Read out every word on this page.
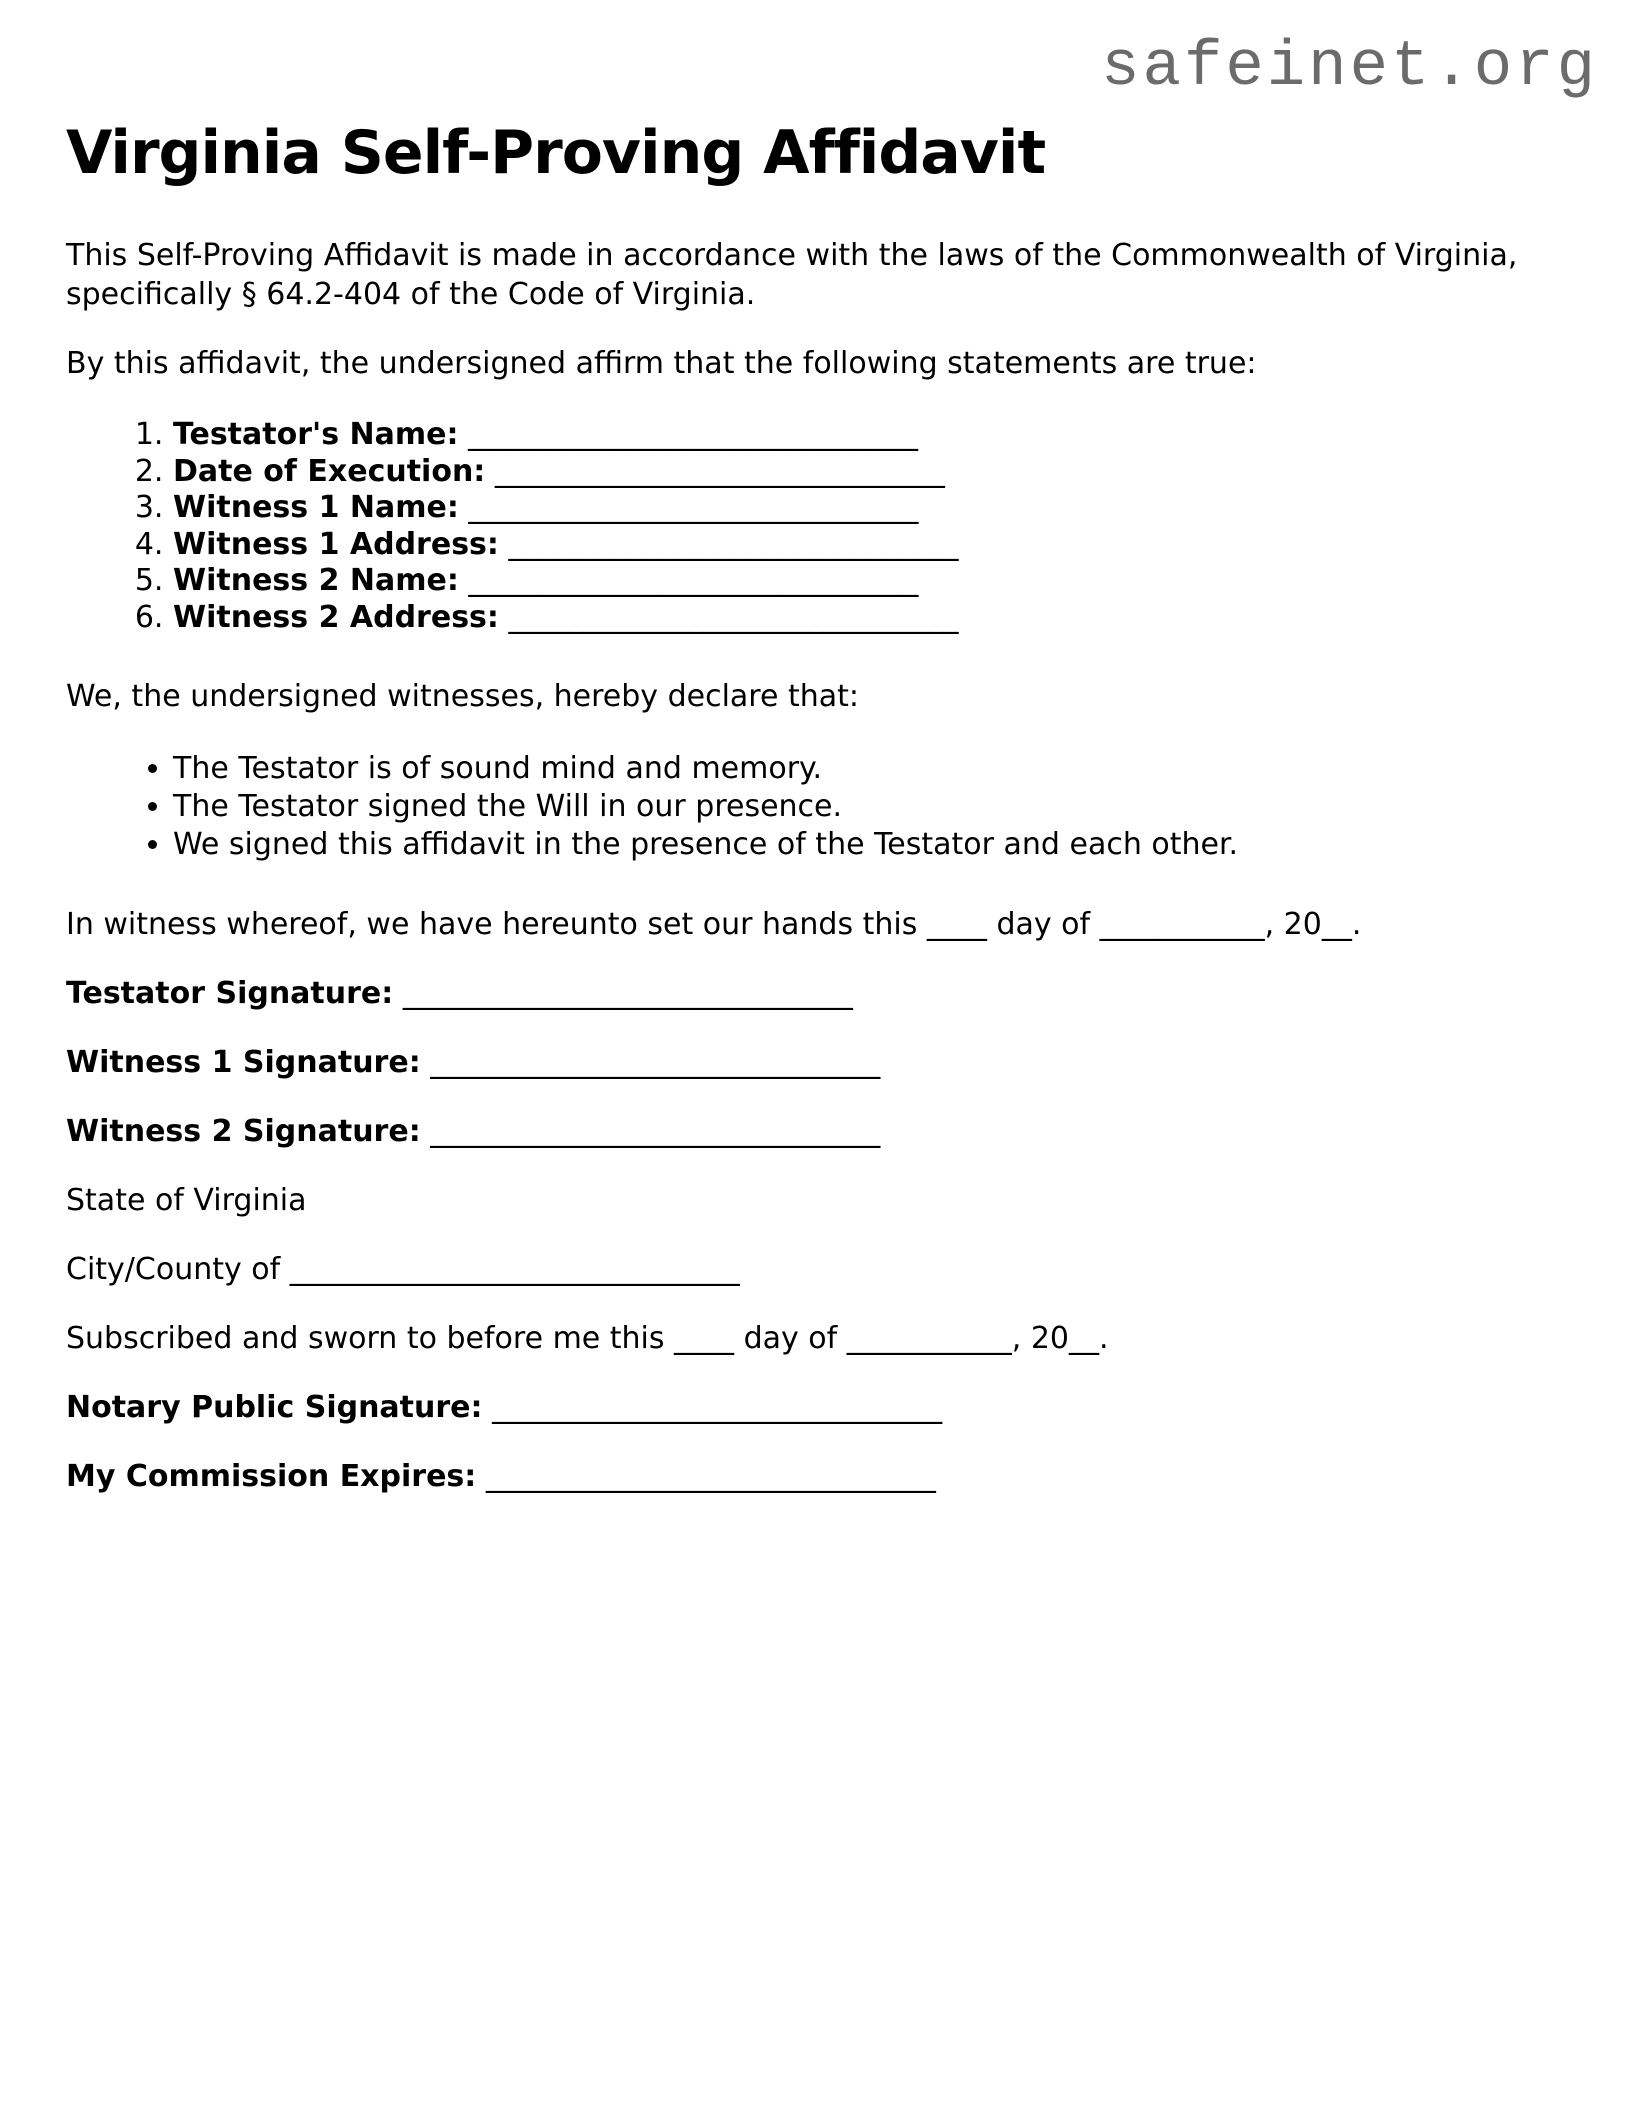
safeinet.org
Virginia Self-Proving Affidavit

This Self-Proving Affidavit is made in accordance with the laws of the Commonwealth of Virginia, specifically § 64.2-404 of the Code of Virginia.

By this affidavit, the undersigned affirm that the following statements are true:

1. Testator's Name: ______________________________
2. Date of Execution: ______________________________
3. Witness 1 Name: ______________________________
4. Witness 1 Address: ______________________________
5. Witness 2 Name: ______________________________
6. Witness 2 Address: ______________________________

We, the undersigned witnesses, hereby declare that:

• The Testator is of sound mind and memory.
• The Testator signed the Will in our presence.
• We signed this affidavit in the presence of the Testator and each other.

In witness whereof, we have hereunto set our hands this ____ day of ___________, 20__.

Testator Signature: ______________________________

Witness 1 Signature: ______________________________

Witness 2 Signature: ______________________________

State of Virginia

City/County of ______________________________

Subscribed and sworn to before me this ____ day of ___________, 20__.

Notary Public Signature: ______________________________

My Commission Expires: ______________________________
